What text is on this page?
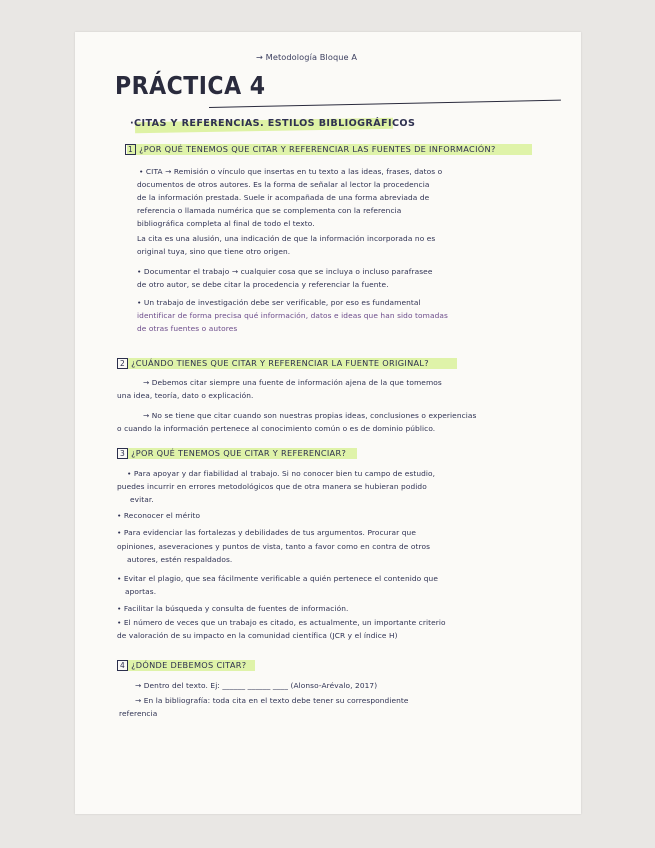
→ Metodología Bloque A
PRÁCTICA 4
·CITAS Y REFERENCIAS. ESTILOS BIBLIOGRÁFICOS
1 ¿POR QUÉ TENEMOS QUE CITAR Y REFERENCIAR LAS FUENTES DE INFORMACIÓN?
• CITA → Remisión o vínculo que insertas en tu texto a las ideas, frases, datos o
documentos de otros autores. Es la forma de señalar al lector la procedencia
de la información prestada. Suele ir acompañada de una forma abreviada de
referencia o llamada numérica que se complementa con la referencia
bibliográfica completa al final de todo el texto.
La cita es una alusión, una indicación de que la información incorporada no es
original tuya, sino que tiene otro origen.
• Documentar el trabajo → cualquier cosa que se incluya o incluso parafrasee
de otro autor, se debe citar la procedencia y referenciar la fuente.
• Un trabajo de investigación debe ser verificable, por eso es fundamental
identificar de forma precisa qué información, datos e ideas que han sido tomadas
de otras fuentes o autores
2 ¿CUÁNDO TIENES QUE CITAR Y REFERENCIAR LA FUENTE ORIGINAL?
→ Debemos citar siempre una fuente de información ajena de la que tomemos
una idea, teoría, dato o explicación.
→ No se tiene que citar cuando son nuestras propias ideas, conclusiones o experiencias
o cuando la información pertenece al conocimiento común o es de dominio público.
3 ¿POR QUÉ TENEMOS QUE CITAR Y REFERENCIAR?
• Para apoyar y dar fiabilidad al trabajo. Si no conocer bien tu campo de estudio,
puedes incurrir en errores metodológicos que de otra manera se hubieran podido
evitar.
• Reconocer el mérito
• Para evidenciar las fortalezas y debilidades de tus argumentos. Procurar que
opiniones, aseveraciones y puntos de vista, tanto a favor como en contra de otros
autores, estén respaldados.
• Evitar el plagio, que sea fácilmente verificable a quién pertenece el contenido que
aportas.
• Facilitar la búsqueda y consulta de fuentes de información.
• El número de veces que un trabajo es citado, es actualmente, un importante criterio
de valoración de su impacto en la comunidad científica (JCR y el índice H)
4 ¿DÓNDE DEBEMOS CITAR?
→ Dentro del texto. Ej: ______ ______ ____ (Alonso-Arévalo, 2017)
→ En la bibliografía: toda cita en el texto debe tener su correspondiente
referencia
